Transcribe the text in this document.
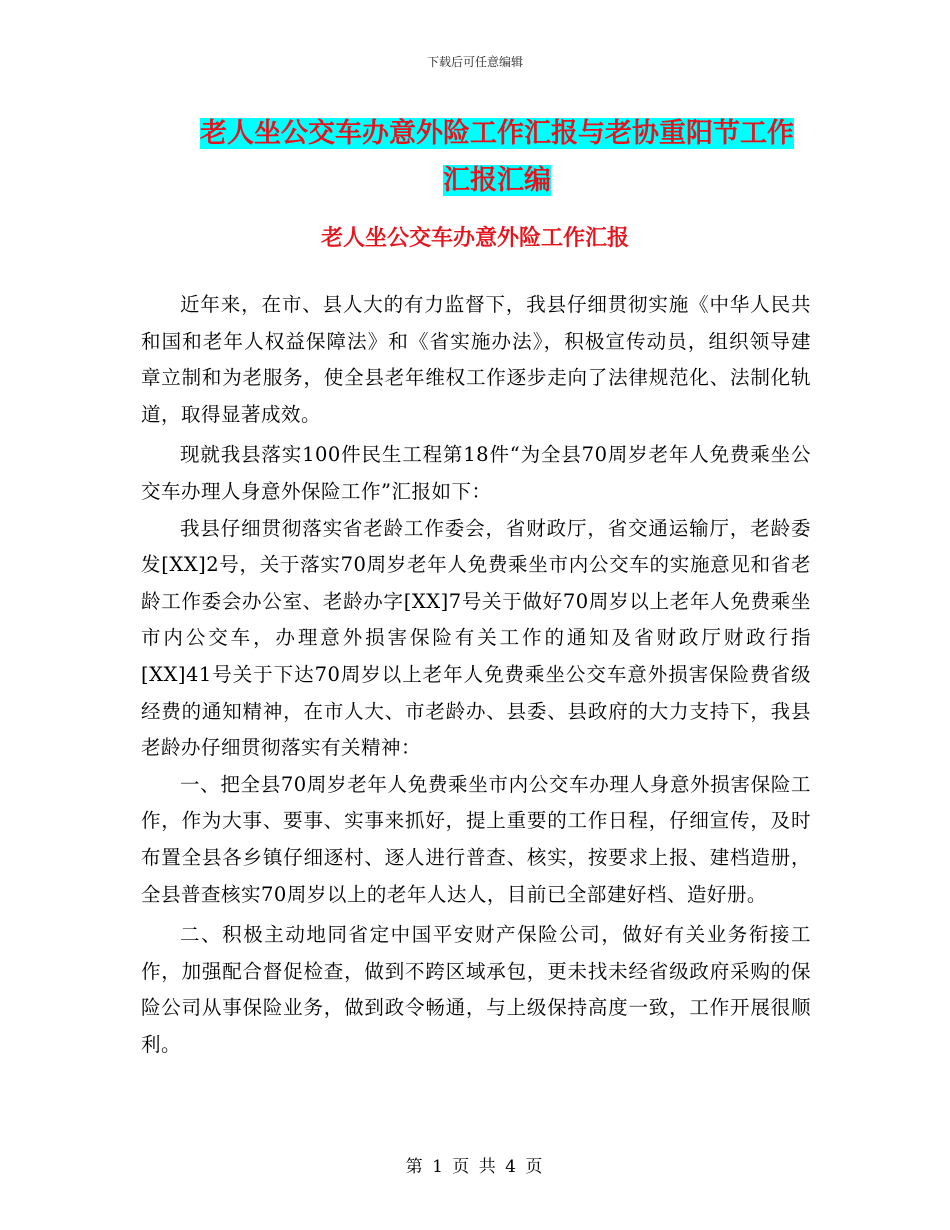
下载后可任意编辑
老人坐公交车办意外险工作汇报与老协重阳节工作汇报汇编
老人坐公交车办意外险工作汇报

近年来，在市、县人大的有力监督下，我县仔细贯彻实施《中华人民共和国和老年人权益保障法》和《省实施办法》，积极宣传动员，组织领导建章立制和为老服务，使全县老年维权工作逐步走向了法律规范化、法制化轨道，取得显著成效。

现就我县落实100件民生工程第18件“为全县70周岁老年人免费乘坐公交车办理人身意外保险工作”汇报如下：

我县仔细贯彻落实省老龄工作委会，省财政厅，省交通运输厅，老龄委发[XX]2号，关于落实70周岁老年人免费乘坐市内公交车的实施意见和省老龄工作委会办公室、老龄办字[XX]7号关于做好70周岁以上老年人免费乘坐市内公交车，办理意外损害保险有关工作的通知及省财政厅财政行指[XX]41号关于下达70周岁以上老年人免费乘坐公交车意外损害保险费省级经费的通知精神，在市人大、市老龄办、县委、县政府的大力支持下，我县老龄办仔细贯彻落实有关精神：

一、把全县70周岁老年人免费乘坐市内公交车办理人身意外损害保险工作，作为大事、要事、实事来抓好，提上重要的工作日程，仔细宣传，及时布置全县各乡镇仔细逐村、逐人进行普查、核实，按要求上报、建档造册，全县普查核实70周岁以上的老年人达人，目前已全部建好档、造好册。

二、积极主动地同省定中国平安财产保险公司，做好有关业务衔接工作，加强配合督促检查，做到不跨区域承包，更未找未经省级政府采购的保险公司从事保险业务，做到政令畅通，与上级保持高度一致，工作开展很顺利。

第 1 页 共 4 页
